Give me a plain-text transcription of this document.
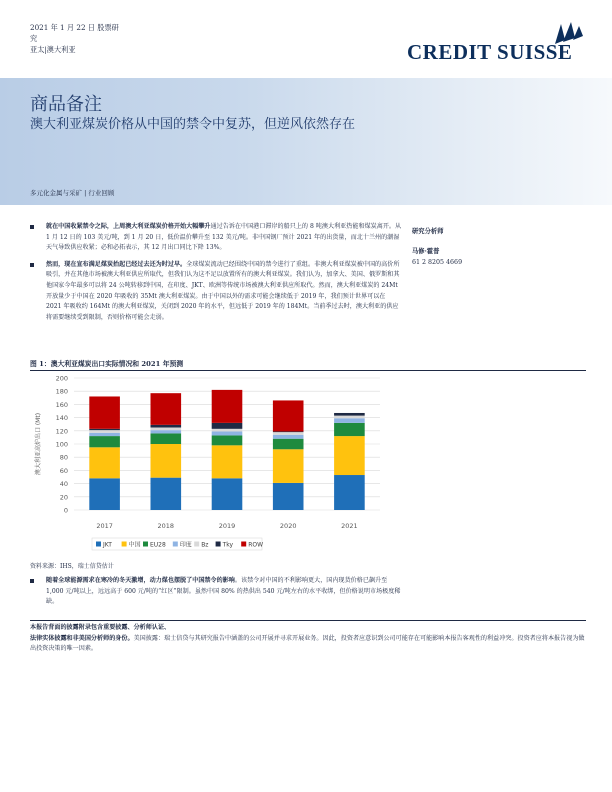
2021 年 1 月 22 日 股票研
究
亚太|澳大利亚	CREDIT SUISSE
商品备注
澳大利亚煤炭价格从中国的禁令中复苏，但逆风依然存在
多元化金属与采矿 | 行业回顾
就在中国收紧禁令之际，上周澳大利亚煤炭价格开始大幅攀升通过告诉在中国港口滞岸的船只上的 8 吨澳大利亚热能和煤炭离开。从 1 月 12 日的 103 美元/吨，到 1 月 20 日，低价温价攀升至 132 美元/吨。非中国钢厂预计 2021 年的出货量，而北十兰州的潮湿天气导致供应收紧；必和必拓表示，其 12 月出口同比下降 13%。
然而，现在宣布满足煤炭抬起已经过去还为时过早。全球煤炭流动已经围绕中国的禁令进行了重组。非澳大利亚煤炭被中国的高价所吸引，并在其他市场被澳大利亚供应所取代，但我们认为这不足以放置所有的澳大利亚煤炭。我们认为，加拿大、美国、俄罗斯和其他国家今年最多可以将 24 公吨转移到中国，在印度、JKT、欧洲等传统市场被澳大利亚供应所取代。然而，澳大利亚煤炭的 24Mt 开放量少于中国在 2020 年吸收的 35Mt 澳大利亚煤炭。由于中国以外的需求可能会继续低于 2019 年，我们预计世界可以在 2021 年吸收约 164Mt 的澳大利亚煤炭，关闭到 2020 年的水平，但远低于 2019 年的 184Mt。当前季过去时，澳大利亚的供应将需要继续受到限制，否则价格可能会走弱。
研究分析师
马修·霍普
61 2 8205 4669
图 1：澳大利亚煤炭出口实际情况和 2021 年预测
0
20
40
60
80
100
120
140
160
180
200
2017	2018	2019	2020	2021
澳大利亚高炉出口 (Mt)
JKT	中国 EU28 印度 Bz Tky	ROW
资料来源：IHS，瑞士信贷估计
随着全球能源需求在寒冷的冬天激增，动力煤也摆脱了中国禁令的影响。该禁令对中国的不利影响更大，国内现货价格已飙升至 1,000 元/吨以上，远远高于 600 元/吨的“红区”限制。虽然中国 80% 的热供出 540 元/吨左右的水平收绑，但价格说明市场极度稀缺。
本报告背面的披露附录包含重要披露、分析师认证、
法律实体披露和非美国分析师的身份。美国披露：瑞士信贷与其研究报告中涵盖的公司开展并寻求开展业务。因此，投资者应意识到公司可能存在可能影响本报告客观性的利益冲突。投资者应将本报告视为做出投资决策的唯一因素。
